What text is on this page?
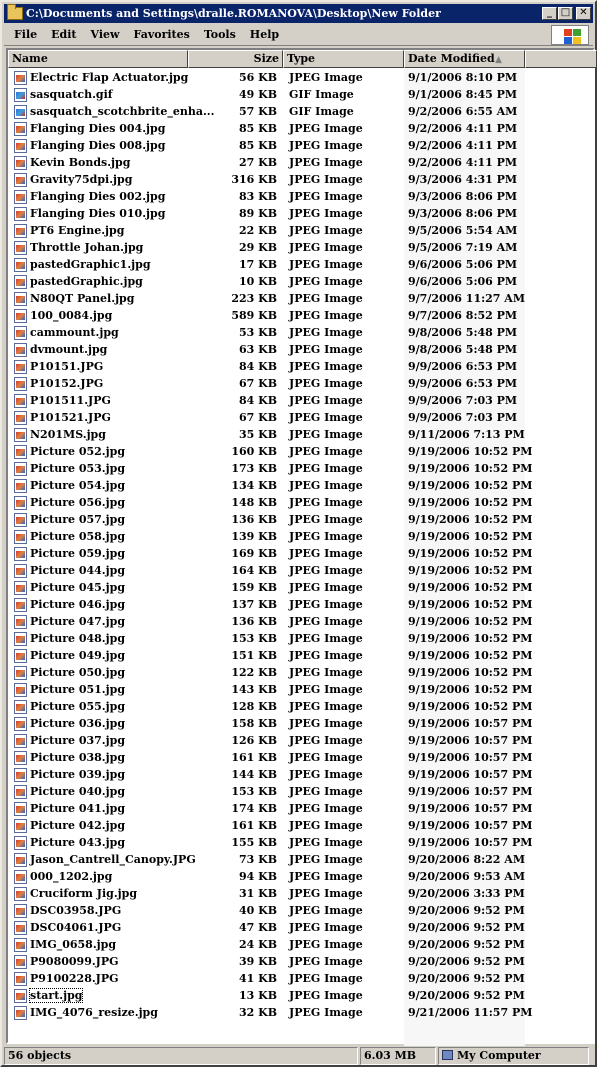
C:\Documents and Settings\dralle.ROMANOVA\Desktop\New Folder	_ □ ✕
File	Edit	View	Favorites	Tools	Help
Name	Size Type	Date Modified ▲
Electric Flap Actuator.jpg	56 KB	JPEG Image	9/1/2006 8:10 PM
sasquatch.gif	49 KB	GIF Image	9/1/2006 8:45 PM
sasquatch_scotchbrite_enha...	57 KB	GIF Image	9/2/2006 6:55 AM
Flanging Dies 004.jpg	85 KB	JPEG Image	9/2/2006 4:11 PM
Flanging Dies 008.jpg	85 KB	JPEG Image	9/2/2006 4:11 PM
Kevin Bonds.jpg	27 KB	JPEG Image	9/2/2006 4:11 PM
Gravity75dpi.jpg	316 KB	JPEG Image	9/3/2006 4:31 PM
Flanging Dies 002.jpg	83 KB	JPEG Image	9/3/2006 8:06 PM
Flanging Dies 010.jpg	89 KB	JPEG Image	9/3/2006 8:06 PM
PT6 Engine.jpg	22 KB	JPEG Image	9/5/2006 5:54 AM
Throttle Johan.jpg	29 KB	JPEG Image	9/5/2006 7:19 AM
pastedGraphic1.jpg	17 KB	JPEG Image	9/6/2006 5:06 PM
pastedGraphic.jpg	10 KB	JPEG Image	9/6/2006 5:06 PM
N80QT Panel.jpg	223 KB	JPEG Image	9/7/2006 11:27 AM
100_0084.jpg	589 KB	JPEG Image	9/7/2006 8:52 PM
cammount.jpg	53 KB	JPEG Image	9/8/2006 5:48 PM
dvmount.jpg	63 KB	JPEG Image	9/8/2006 5:48 PM
P10151.JPG	84 KB	JPEG Image	9/9/2006 6:53 PM
P10152.JPG	67 KB	JPEG Image	9/9/2006 6:53 PM
P101511.JPG	84 KB	JPEG Image	9/9/2006 7:03 PM
P101521.JPG	67 KB	JPEG Image	9/9/2006 7:03 PM
N201MS.jpg	35 KB	JPEG Image	9/11/2006 7:13 PM
Picture 052.jpg	160 KB	JPEG Image	9/19/2006 10:52 PM
Picture 053.jpg	173 KB	JPEG Image	9/19/2006 10:52 PM
Picture 054.jpg	134 KB	JPEG Image	9/19/2006 10:52 PM
Picture 056.jpg	148 KB	JPEG Image	9/19/2006 10:52 PM
Picture 057.jpg	136 KB	JPEG Image	9/19/2006 10:52 PM
Picture 058.jpg	139 KB	JPEG Image	9/19/2006 10:52 PM
Picture 059.jpg	169 KB	JPEG Image	9/19/2006 10:52 PM
Picture 044.jpg	164 KB	JPEG Image	9/19/2006 10:52 PM
Picture 045.jpg	159 KB	JPEG Image	9/19/2006 10:52 PM
Picture 046.jpg	137 KB	JPEG Image	9/19/2006 10:52 PM
Picture 047.jpg	136 KB	JPEG Image	9/19/2006 10:52 PM
Picture 048.jpg	153 KB	JPEG Image	9/19/2006 10:52 PM
Picture 049.jpg	151 KB	JPEG Image	9/19/2006 10:52 PM
Picture 050.jpg	122 KB	JPEG Image	9/19/2006 10:52 PM
Picture 051.jpg	143 KB	JPEG Image	9/19/2006 10:52 PM
Picture 055.jpg	128 KB	JPEG Image	9/19/2006 10:52 PM
Picture 036.jpg	158 KB	JPEG Image	9/19/2006 10:57 PM
Picture 037.jpg	126 KB	JPEG Image	9/19/2006 10:57 PM
Picture 038.jpg	161 KB	JPEG Image	9/19/2006 10:57 PM
Picture 039.jpg	144 KB	JPEG Image	9/19/2006 10:57 PM
Picture 040.jpg	153 KB	JPEG Image	9/19/2006 10:57 PM
Picture 041.jpg	174 KB	JPEG Image	9/19/2006 10:57 PM
Picture 042.jpg	161 KB	JPEG Image	9/19/2006 10:57 PM
Picture 043.jpg	155 KB	JPEG Image	9/19/2006 10:57 PM
Jason_Cantrell_Canopy.JPG	73 KB	JPEG Image	9/20/2006 8:22 AM
000_1202.jpg	94 KB	JPEG Image	9/20/2006 9:53 AM
Cruciform Jig.jpg	31 KB	JPEG Image	9/20/2006 3:33 PM
DSC03958.JPG	40 KB	JPEG Image	9/20/2006 9:52 PM
DSC04061.JPG	47 KB	JPEG Image	9/20/2006 9:52 PM
IMG_0658.jpg	24 KB	JPEG Image	9/20/2006 9:52 PM
P9080099.JPG	39 KB	JPEG Image	9/20/2006 9:52 PM
P9100228.JPG	41 KB	JPEG Image	9/20/2006 9:52 PM
start.jpg	13 KB	JPEG Image	9/20/2006 9:52 PM
IMG_4076_resize.jpg	32 KB	JPEG Image	9/21/2006 11:57 PM
56 objects	6.03 MB	My Computer
